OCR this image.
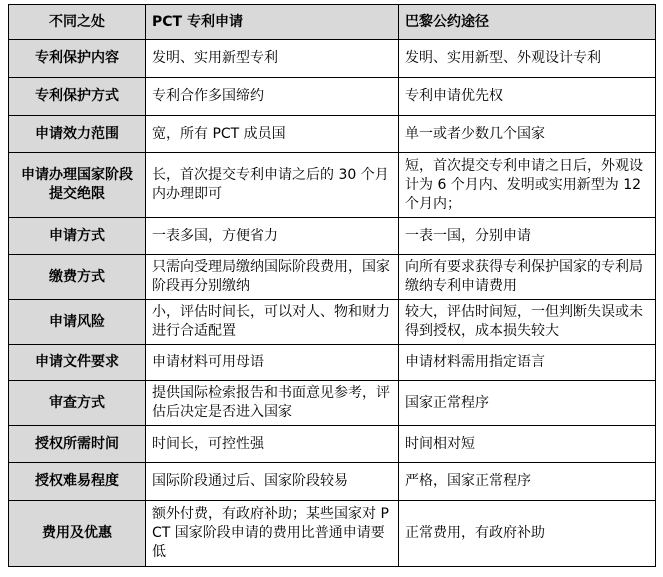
不同之处	PCT 专利申请	巴黎公约途径
专利保护内容	发明、实用新型专利	发明、实用新型、外观设计专利
专利保护方式	专利合作多国缔约	专利申请优先权
申请效力范围	宽，所有 PCT 成员国	单一或者少数几个国家
申请办理国家阶段提交绝限	长，首次提交专利申请之后的 30 个月内办理即可	短，首次提交专利申请之日后，外观设计为 6 个月内、发明或实用新型为 12 个月内；
申请方式	一表多国，方便省力	一表一国，分别申请
缴费方式	只需向受理局缴纳国际阶段费用，国家阶段再分别缴纳	向所有要求获得专利保护国家的专利局缴纳专利申请费用
申请风险	小，评估时间长，可以对人、物和财力进行合适配置	较大，评估时间短，一但判断失误或未得到授权，成本损失较大
申请文件要求	申请材料可用母语	申请材料需用指定语言
审查方式	提供国际检索报告和书面意见参考，评估后决定是否进入国家	国家正常程序
授权所需时间	时间长，可控性强	时间相对短
授权难易程度	国际阶段通过后、国家阶段较易	严格，国家正常程序
费用及优惠	额外付费，有政府补助；某些国家对 PCT 国家阶段申请的费用比普通申请要低	正常费用，有政府补助
